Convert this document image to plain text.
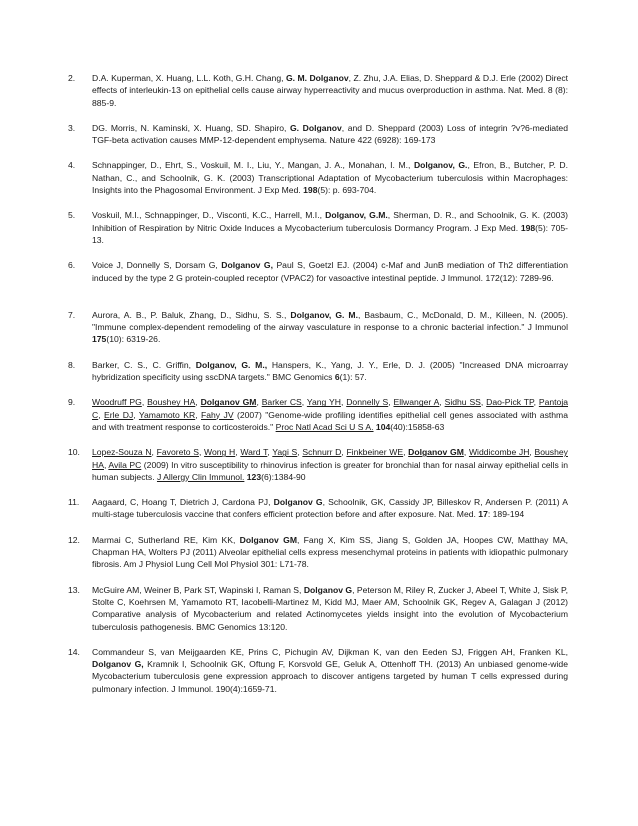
2.	D.A. Kuperman, X. Huang, L.L. Koth, G.H. Chang, G. M. Dolganov, Z. Zhu, J.A. Elias, D. Sheppard & D.J. Erle (2002) Direct effects of interleukin-13 on epithelial cells cause airway hyperreactivity and mucus overproduction in asthma. Nat. Med. 8 (8): 885-9.
3.	DG. Morris, N. Kaminski, X. Huang, SD. Shapiro, G. Dolganov, and D. Sheppard (2003) Loss of integrin ?v?6-mediated TGF-beta activation causes MMP-12-dependent emphysema. Nature 422 (6928): 169-173
4.	Schnappinger, D., Ehrt, S., Voskuil, M. I., Liu, Y., Mangan, J. A., Monahan, I. M., Dolganov, G., Efron, B., Butcher, P. D. Nathan, C., and Schoolnik, G. K. (2003) Transcriptional Adaptation of Mycobacterium tuberculosis within Macrophages: Insights into the Phagosomal Environment. J Exp Med. 198(5): p. 693-704.
5.	Voskuil, M.I., Schnappinger, D., Visconti, K.C., Harrell, M.I., Dolganov, G.M., Sherman, D. R., and Schoolnik, G. K. (2003) Inhibition of Respiration by Nitric Oxide Induces a Mycobacterium tuberculosis Dormancy Program. J Exp Med. 198(5): 705-13.
6.	Voice J, Donnelly S, Dorsam G, Dolganov G, Paul S, Goetzl EJ. (2004) c-Maf and JunB mediation of Th2 differentiation induced by the type 2 G protein-coupled receptor (VPAC2) for vasoactive intestinal peptide. J Immunol. 172(12): 7289-96.
7.	Aurora, A. B., P. Baluk, Zhang, D., Sidhu, S. S., Dolganov, G. M., Basbaum, C., McDonald, D. M., Killeen, N. (2005). "Immune complex-dependent remodeling of the airway vasculature in response to a chronic bacterial infection." J Immunol 175(10): 6319-26.
8.	Barker, C. S., C. Griffin, Dolganov, G. M., Hanspers, K., Yang, J. Y., Erle, D. J. (2005) "Increased DNA microarray hybridization specificity using sscDNA targets." BMC Genomics 6(1): 57.
9.	Woodruff PG, Boushey HA, Dolganov GM, Barker CS, Yang YH, Donnelly S, Ellwanger A, Sidhu SS, Dao-Pick TP, Pantoja C, Erle DJ, Yamamoto KR, Fahy JV (2007) "Genome-wide profiling identifies epithelial cell genes associated with asthma and with treatment response to corticosteroids." Proc Natl Acad Sci U S A. 104(40):15858-63
10.	Lopez-Souza N, Favoreto S, Wong H, Ward T, Yagi S, Schnurr D, Finkbeiner WE, Dolganov GM, Widdicombe JH, Boushey HA, Avila PC (2009) In vitro susceptibility to rhinovirus infection is greater for bronchial than for nasal airway epithelial cells in human subjects. J Allergy Clin Immunol. 123(6):1384-90
11.	Aagaard, C, Hoang T, Dietrich J, Cardona PJ, Dolganov G, Schoolnik, GK, Cassidy JP, Billeskov R, Andersen P. (2011) A multi-stage tuberculosis vaccine that confers efficient protection before and after exposure. Nat. Med. 17: 189-194
12.	Marmai C, Sutherland RE, Kim KK, Dolganov GM, Fang X, Kim SS, Jiang S, Golden JA, Hoopes CW, Matthay MA, Chapman HA, Wolters PJ (2011) Alveolar epithelial cells express mesenchymal proteins in patients with idiopathic pulmonary fibrosis. Am J Physiol Lung Cell Mol Physiol 301: L71-78.
13.	McGuire AM, Weiner B, Park ST, Wapinski I, Raman S, Dolganov G, Peterson M, Riley R, Zucker J, Abeel T, White J, Sisk P, Stolte C, Koehrsen M, Yamamoto RT, Iacobelli-Martinez M, Kidd MJ, Maer AM, Schoolnik GK, Regev A, Galagan J (2012) Comparative analysis of Mycobacterium and related Actinomycetes yields insight into the evolution of Mycobacterium tuberculosis pathogenesis. BMC Genomics 13:120.
14.	Commandeur S, van Meijgaarden KE, Prins C, Pichugin AV, Dijkman K, van den Eeden SJ, Friggen AH, Franken KL, Dolganov G, Kramnik I, Schoolnik GK, Oftung F, Korsvold GE, Geluk A, Ottenhoff TH. (2013) An unbiased genome-wide Mycobacterium tuberculosis gene expression approach to discover antigens targeted by human T cells expressed during pulmonary infection. J Immunol. 190(4):1659-71.
